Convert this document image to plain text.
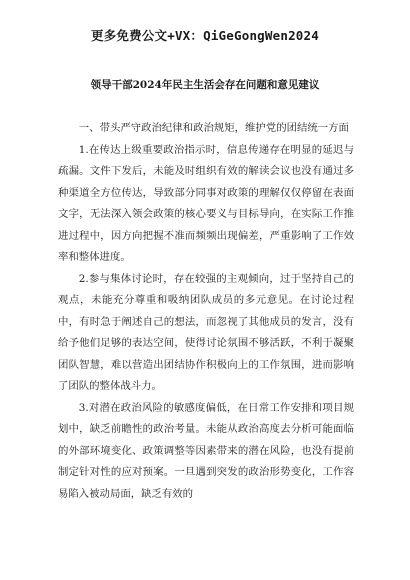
更多免费公文+VX：QiGeGongWen2024
领导干部2024年民主生活会存在问题和意见建议

一、带头严守政治纪律和政治规矩，维护党的团结统一方面

1.在传达上级重要政治指示时，信息传递存在明显的延迟与疏漏。文件下发后，未能及时组织有效的解读会议也没有通过多种渠道全方位传达，导致部分同事对政策的理解仅仅停留在表面文字，无法深入领会政策的核心要义与目标导向，在实际工作推进过程中，因方向把握不准而频频出现偏差，严重影响了工作效率和整体进度。

2.参与集体讨论时，存在较强的主观倾向，过于坚持自己的观点，未能充分尊重和吸纳团队成员的多元意见。在讨论过程中，有时急于阐述自己的想法，而忽视了其他成员的发言，没有给予他们足够的表达空间，使得讨论氛围不够活跃，不利于凝聚团队智慧，难以营造出团结协作积极向上的工作氛围，进而影响了团队的整体战斗力。

3.对潜在政治风险的敏感度偏低，在日常工作安排和项目规划中，缺乏前瞻性的政治考量。未能从政治高度去分析可能面临的外部环境变化、政策调整等因素带来的潜在风险，也没有提前制定针对性的应对预案。一旦遇到突发的政治形势变化，工作容易陷入被动局面，缺乏有效的
